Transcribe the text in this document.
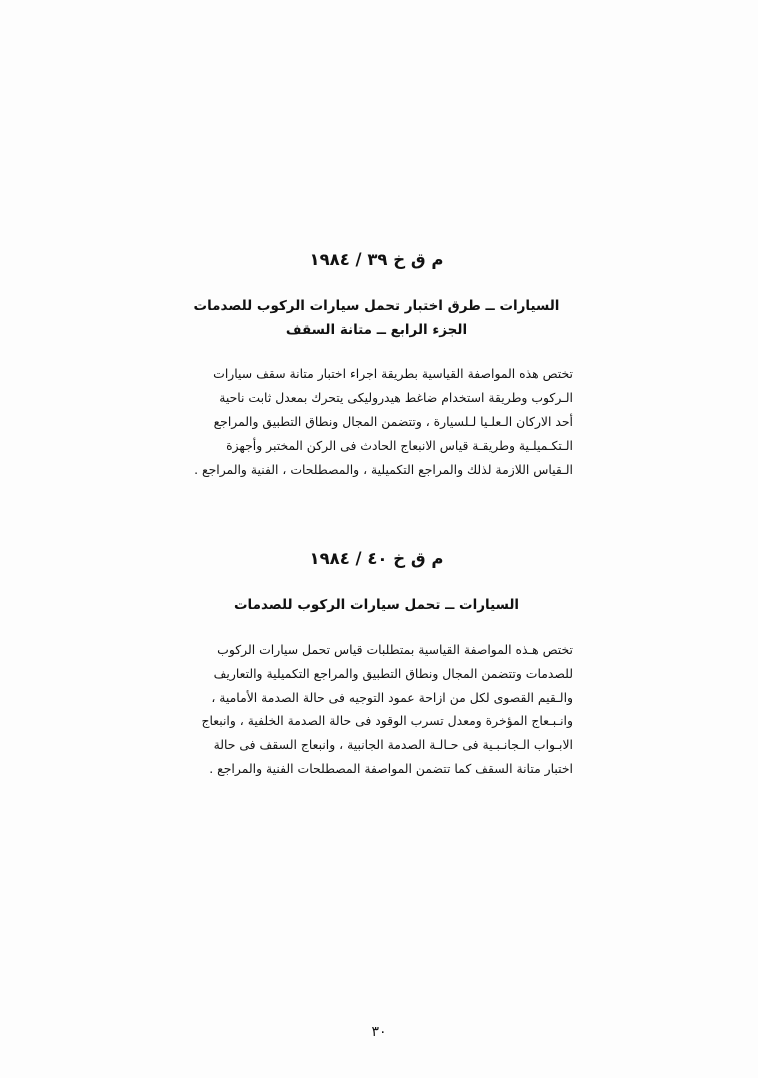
م ق خ ٣٩ / ١٩٨٤
السيارات ــ طرق اختبار تحمل سيارات الركوب للصدمات
الجزء الرابع ــ متانة السقف
تختص هذه المواصفة القياسية بطريقة اجراء اختبار متانة سقف سيارات
الـركوب وطريقة استخدام ضاغط هيدروليكى يتحرك بمعدل ثابت ناحية
أحد الاركان الـعلـيا لـلسيارة ، وتتضمن المجال ونطاق التطبيق والمراجع
الـتكـميلـية وطريقـة قياس الانبعاج الحادث فى الركن المختبر وأجهزة
الـقياس اللازمة لذلك والمراجع التكميلية ، والمصطلحات ، الفنية والمراجع .
م ق خ ٤٠ / ١٩٨٤
السيارات ــ تحمل سيارات الركوب للصدمات
تختص هـذه المواصفة القياسية بمتطلبات قياس تحمل سيارات الركوب
للصدمات وتتضمن المجال ونطاق التطبيق والمراجع التكميلية والتعاريف
والـقيم القصوى لكل من ازاحة عمود التوجيه فى حالة الصدمة الأمامية ،
وانـبـعاج المؤخرة ومعدل تسرب الوقود فى حالة الصدمة الخلفية ، وانبعاج
الابـواب الـجانـبـية فى حـالـة الصدمة الجانبية ، وانبعاج السقف فى حالة
اختبار متانة السقف كما تتضمن المواصفة المصطلحات الفنية والمراجع .
٣٠
